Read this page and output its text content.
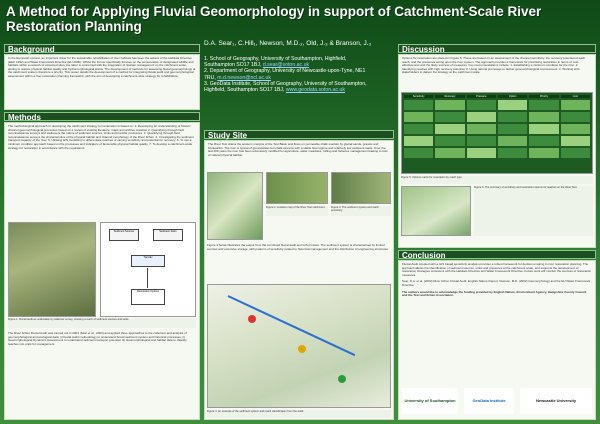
A Method for Applying Fluvial Geomorphology in support of Catchment-Scale River Restoration Planning
D.A. Sear₁, C.Hill₁, Newson, M.D.₂, Old, J.₃ & Branson, J.₃
1. School of Geography, University of Southampton, Highfield,
Southampton SO17 1BJ, d.sear@soton.ac.uk
2. Department of Geography, University of Newcastle-upon-Tyne, NE1
7RU, m.d.newson@ncl.ac.uk
3. GeoData Institute, School of Geography, University of Southampton,
Highfield, Southampton SO17 1BJ, www.geodata.soton.ac.uk
Background
In the European context, an important driver for the sustainable rehabilitation of river habitats has been the advent of the Habitats Directive (EEC 1992) and Water Framework Directive (EU 2000). Whilst the former specifically focuses on the conservation of designated wildlife and habitats within a network of protected sites, the latter is concerned with the integration of riparian management on the catchment scale, aiming to restore physical habitat quality and hydromorphological status. The development of methods for assessing fluvial geomorphology at the catchment scale is therefore a priority. This poster details the development of a method for integrating fluvial audit and geomorphological assessment within a river restoration planning framework, with the aim of developing a catchment-wide strategy for rehabilitation.
Methods
The methodological approach to developing the catchment strategy for restoration is based on: 1. Developing an understanding of historic channel geomorphological processes based on a review of existing literature, maps and archive material. 2. Quantifying through field reconnaissance surveys and walkovers the nature of sediment sources, sinks and transfer processes. 3. Quantifying through field reconnaissance surveys the characteristics of the physical habitat and channel morphology of the River Itchen. 4. Investigating the sediment transport capacity of the river. 5. Utilising GIS modelling to differentiate reaches of varying sensitivity and potential for recovery. 6. To use a minimum condition approach based on the processes and indicators of favourable physical habitat quality. 7. To develop a catchment-scale strategy for restoration in accordance with the regulations.
Sediment Sources	Sediment Sinks
Transfer
Restoration Options
Figure 1. Fluvial audit as undertaken by walkover survey, showing a reach of sediment sources and sinks.
The River Itchen Fluvial Audit was carried out in 2003 (Sear et al., 2003) and applied three approaches to the collection and analysis of geomorphological and ecological data: i) Fluvial Audit methodology to understand broad sediment system and historical processes; ii) Geomorphological Dynamics Assessment to understand sediment transport potential; iii) Geomorphological and habitat data to classify reaches into units for management.
Study Site
The River Test drains the western margins of the Test Basin and flows on permeable chalk overlain by glacial sands, gravels and brickearths. The river is typical of groundwater-fed chalk streams with a stable flow regime and relatively low sediment loads. Over the last 200 years the river has been extensively modified for agriculture, water meadows, milling and fisheries management leading to loss of natural physical habitat.
Figure 2. Location map of the River Test catchment.	Figure 3. The sediment system and reach sensitivity.
Figure 4 below illustrates the output from the combined fluvial audit and GIS process. The sediment system is characterised by limited sources and extensive storage, with patterns of sensitivity related to historical management and the distribution of engineering structures.
Figure 4. An example of the sediment system and reach classification from the audit.
Discussion
Options for restoration are placed in Figure 5. These are based on an assessment of the channel sensitivity, the recovery potential of each reach, and the pressures acting upon the river system. The approach provides a framework for prioritising restoration in terms of cost-effectiveness and the likely success of measures. Key recommendations include: 1. Establishing a minimum condition for the river. 2. Identifying reaches with high recovery potential. 3. Using natural processes to deliver geomorphological improvement. 4. Working with stakeholders to deliver the strategy at the catchment scale.
Sensitivity	Recovery	Pressure	Option	Priority	Cost
Figure 5. Options matrix for restoration by reach type.
Figure 6. The summary of sensitivity and restoration options for reaches on the River Test.
Conclusion
Fluvial Audit coupled with a GIS based sensitivity analysis provides a robust framework for decision-making in river restoration planning. The approach allows the identification of sediment sources, sinks and pressures at the catchment scale, and supports the development of restoration strategies consistent with the Habitats Directive and Water Framework Directive. Future work will monitor the success of restoration measures.
Sear, D.A. et al. (2003) River Itchen Fluvial Audit. English Nature Report. Newson, M.D. (2002) Geomorphology and the EU Water Framework Directive.
The authors would like to acknowledge the funding provided by English Nature, Environment Agency, Hampshire County Council and the Test and Itchen Association.
University of Southampton	GeoData Institute	Newcastle University
